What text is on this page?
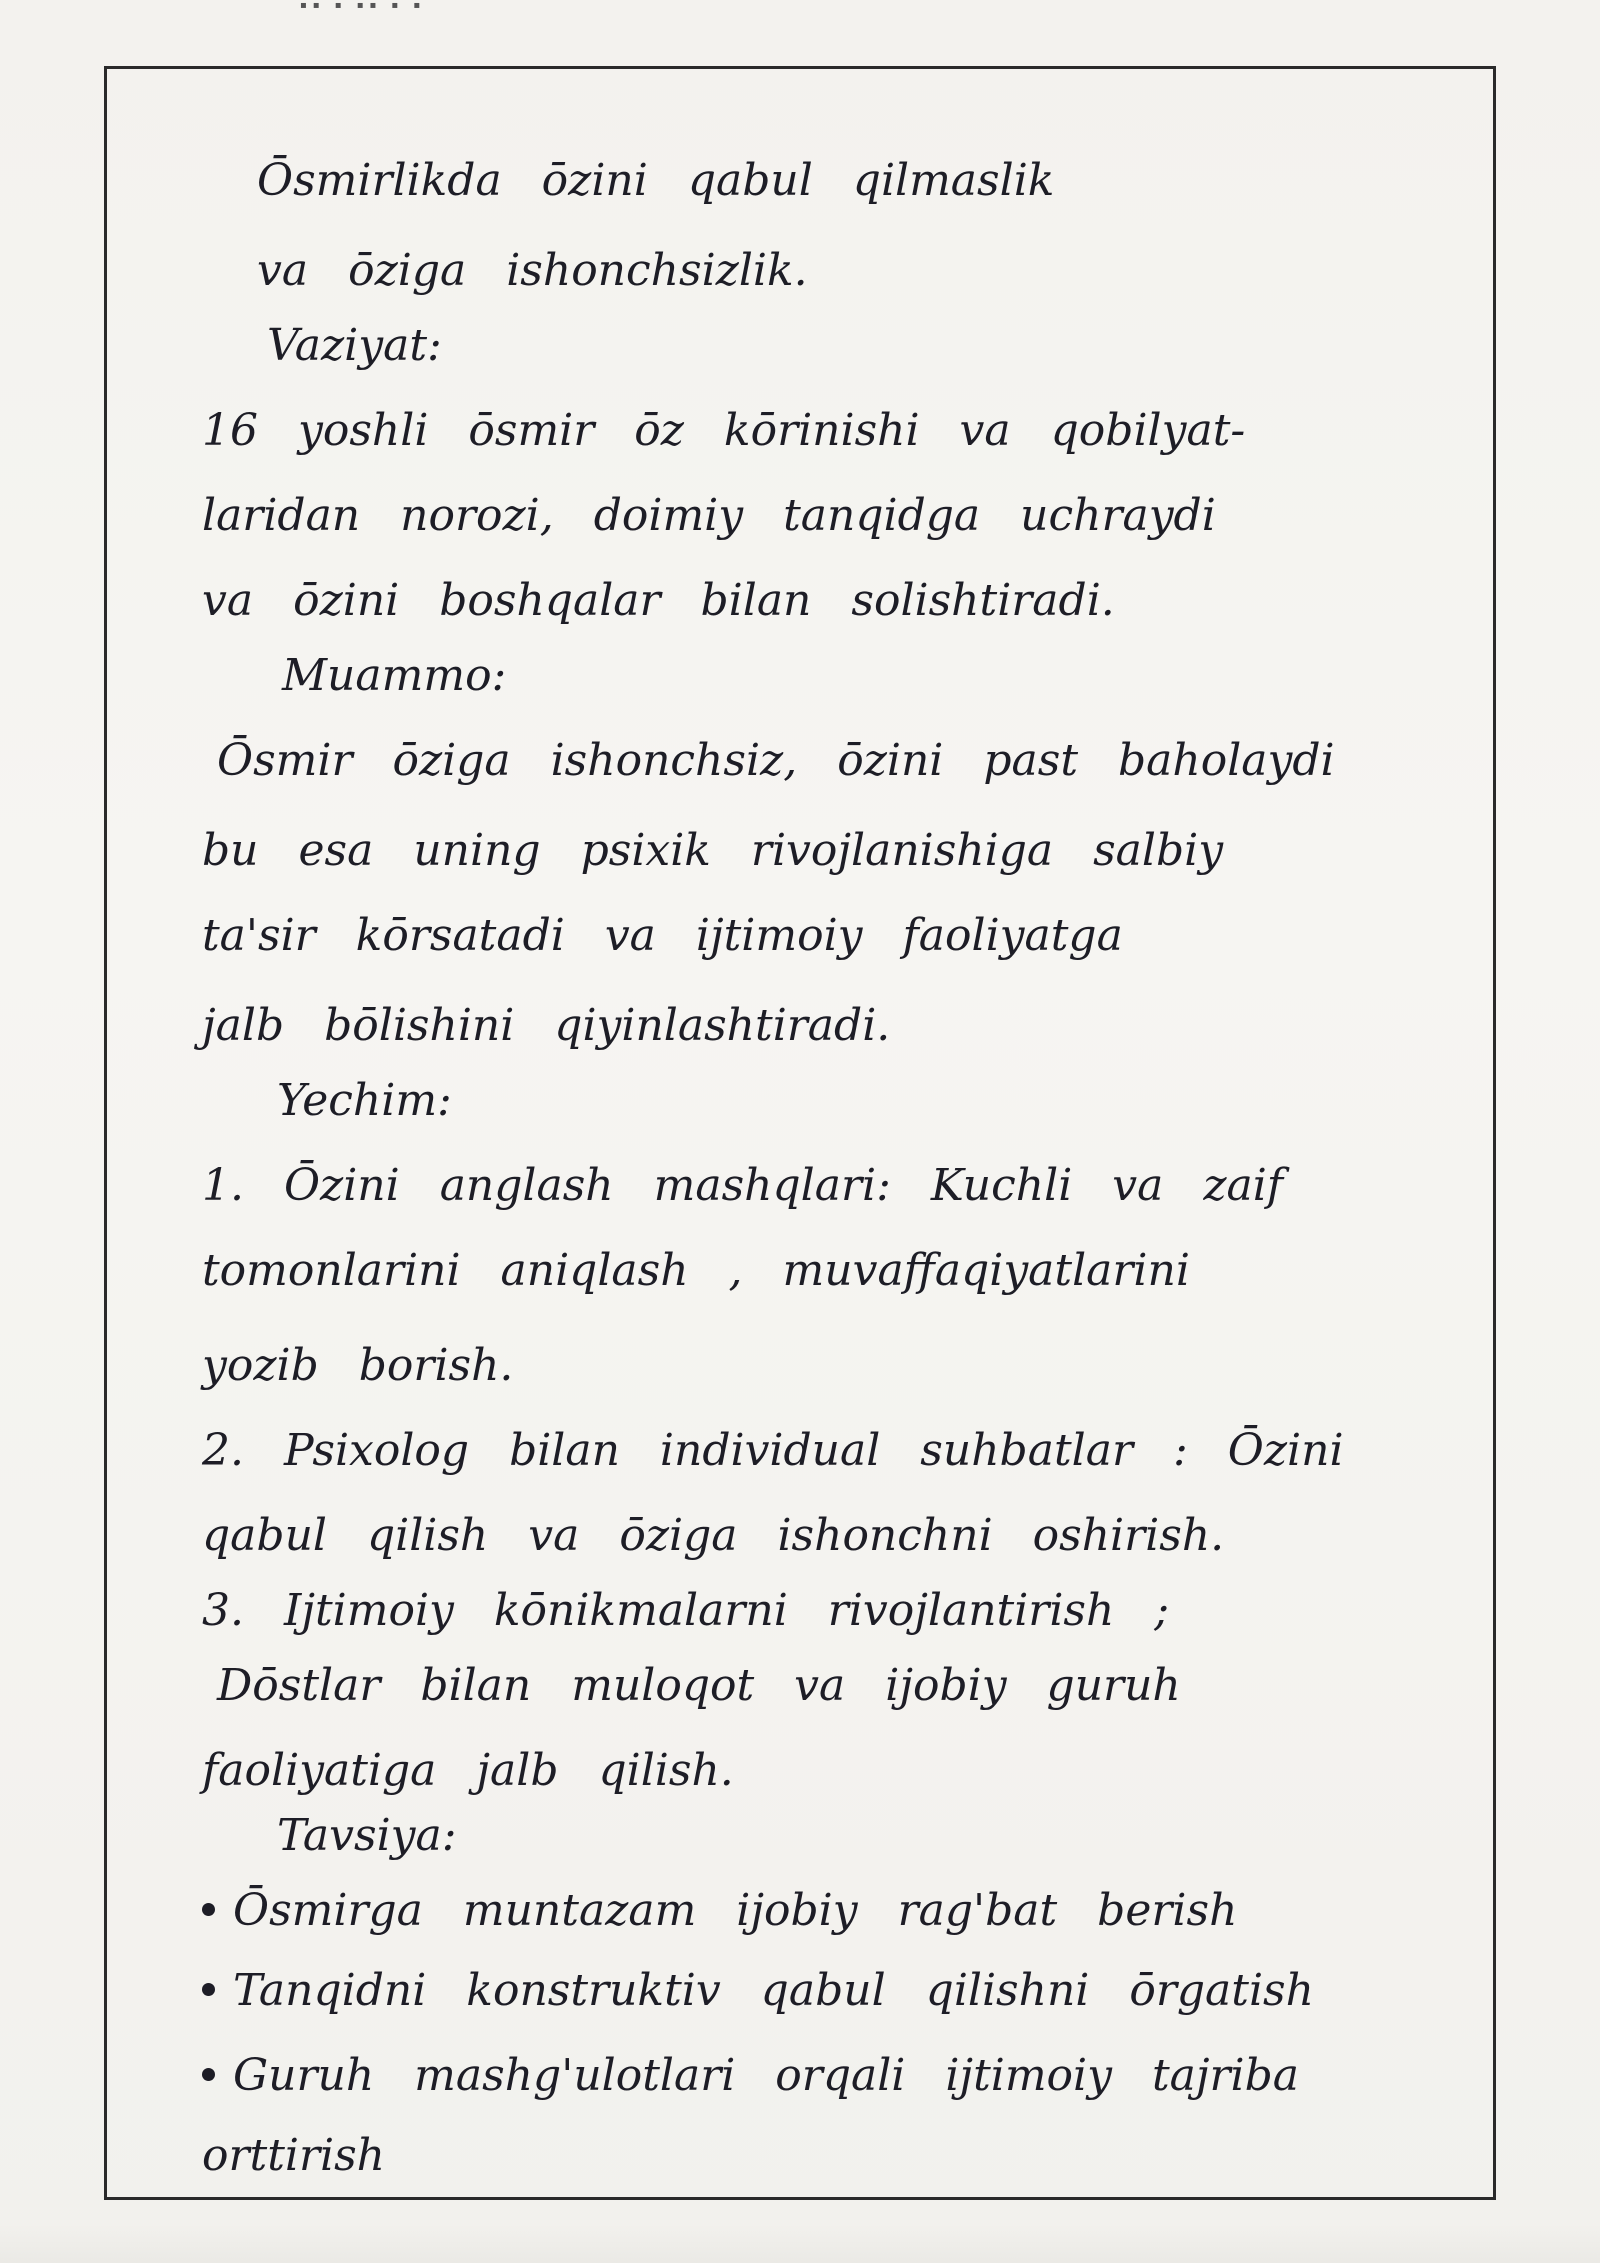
▪▪ ▪ ▪▪ ▪ ▪
Ōsmirlikda ōzini qabul qilmaslik
va ōziga ishonchsizlik.
Vaziyat:
16 yoshli ōsmir ōz kōrinishi va qobilyat-
laridan norozi, doimiy tanqidga uchraydi
va ōzini boshqalar bilan solishtiradi.
Muammo:
Ōsmir ōziga ishonchsiz, ōzini past baholaydi
bu esa uning psixik rivojlanishiga salbiy
ta'sir kōrsatadi va ijtimoiy faoliyatga
jalb bōlishini qiyinlashtiradi.
Yechim:
1. Ōzini anglash mashqlari: Kuchli va zaif
tomonlarini aniqlash , muvaffaqiyatlarini
yozib borish.
2. Psixolog bilan individual suhbatlar : Ōzini
qabul qilish va ōziga ishonchni oshirish.
3. Ijtimoiy kōnikmalarni rivojlantirish ;
Dōstlar bilan muloqot va ijobiy guruh
faoliyatiga jalb qilish.
Tavsiya:
Ōsmirga muntazam ijobiy rag'bat berish
Tanqidni konstruktiv qabul qilishni ōrgatish
Guruh mashg'ulotlari orqali ijtimoiy tajriba
orttirish
